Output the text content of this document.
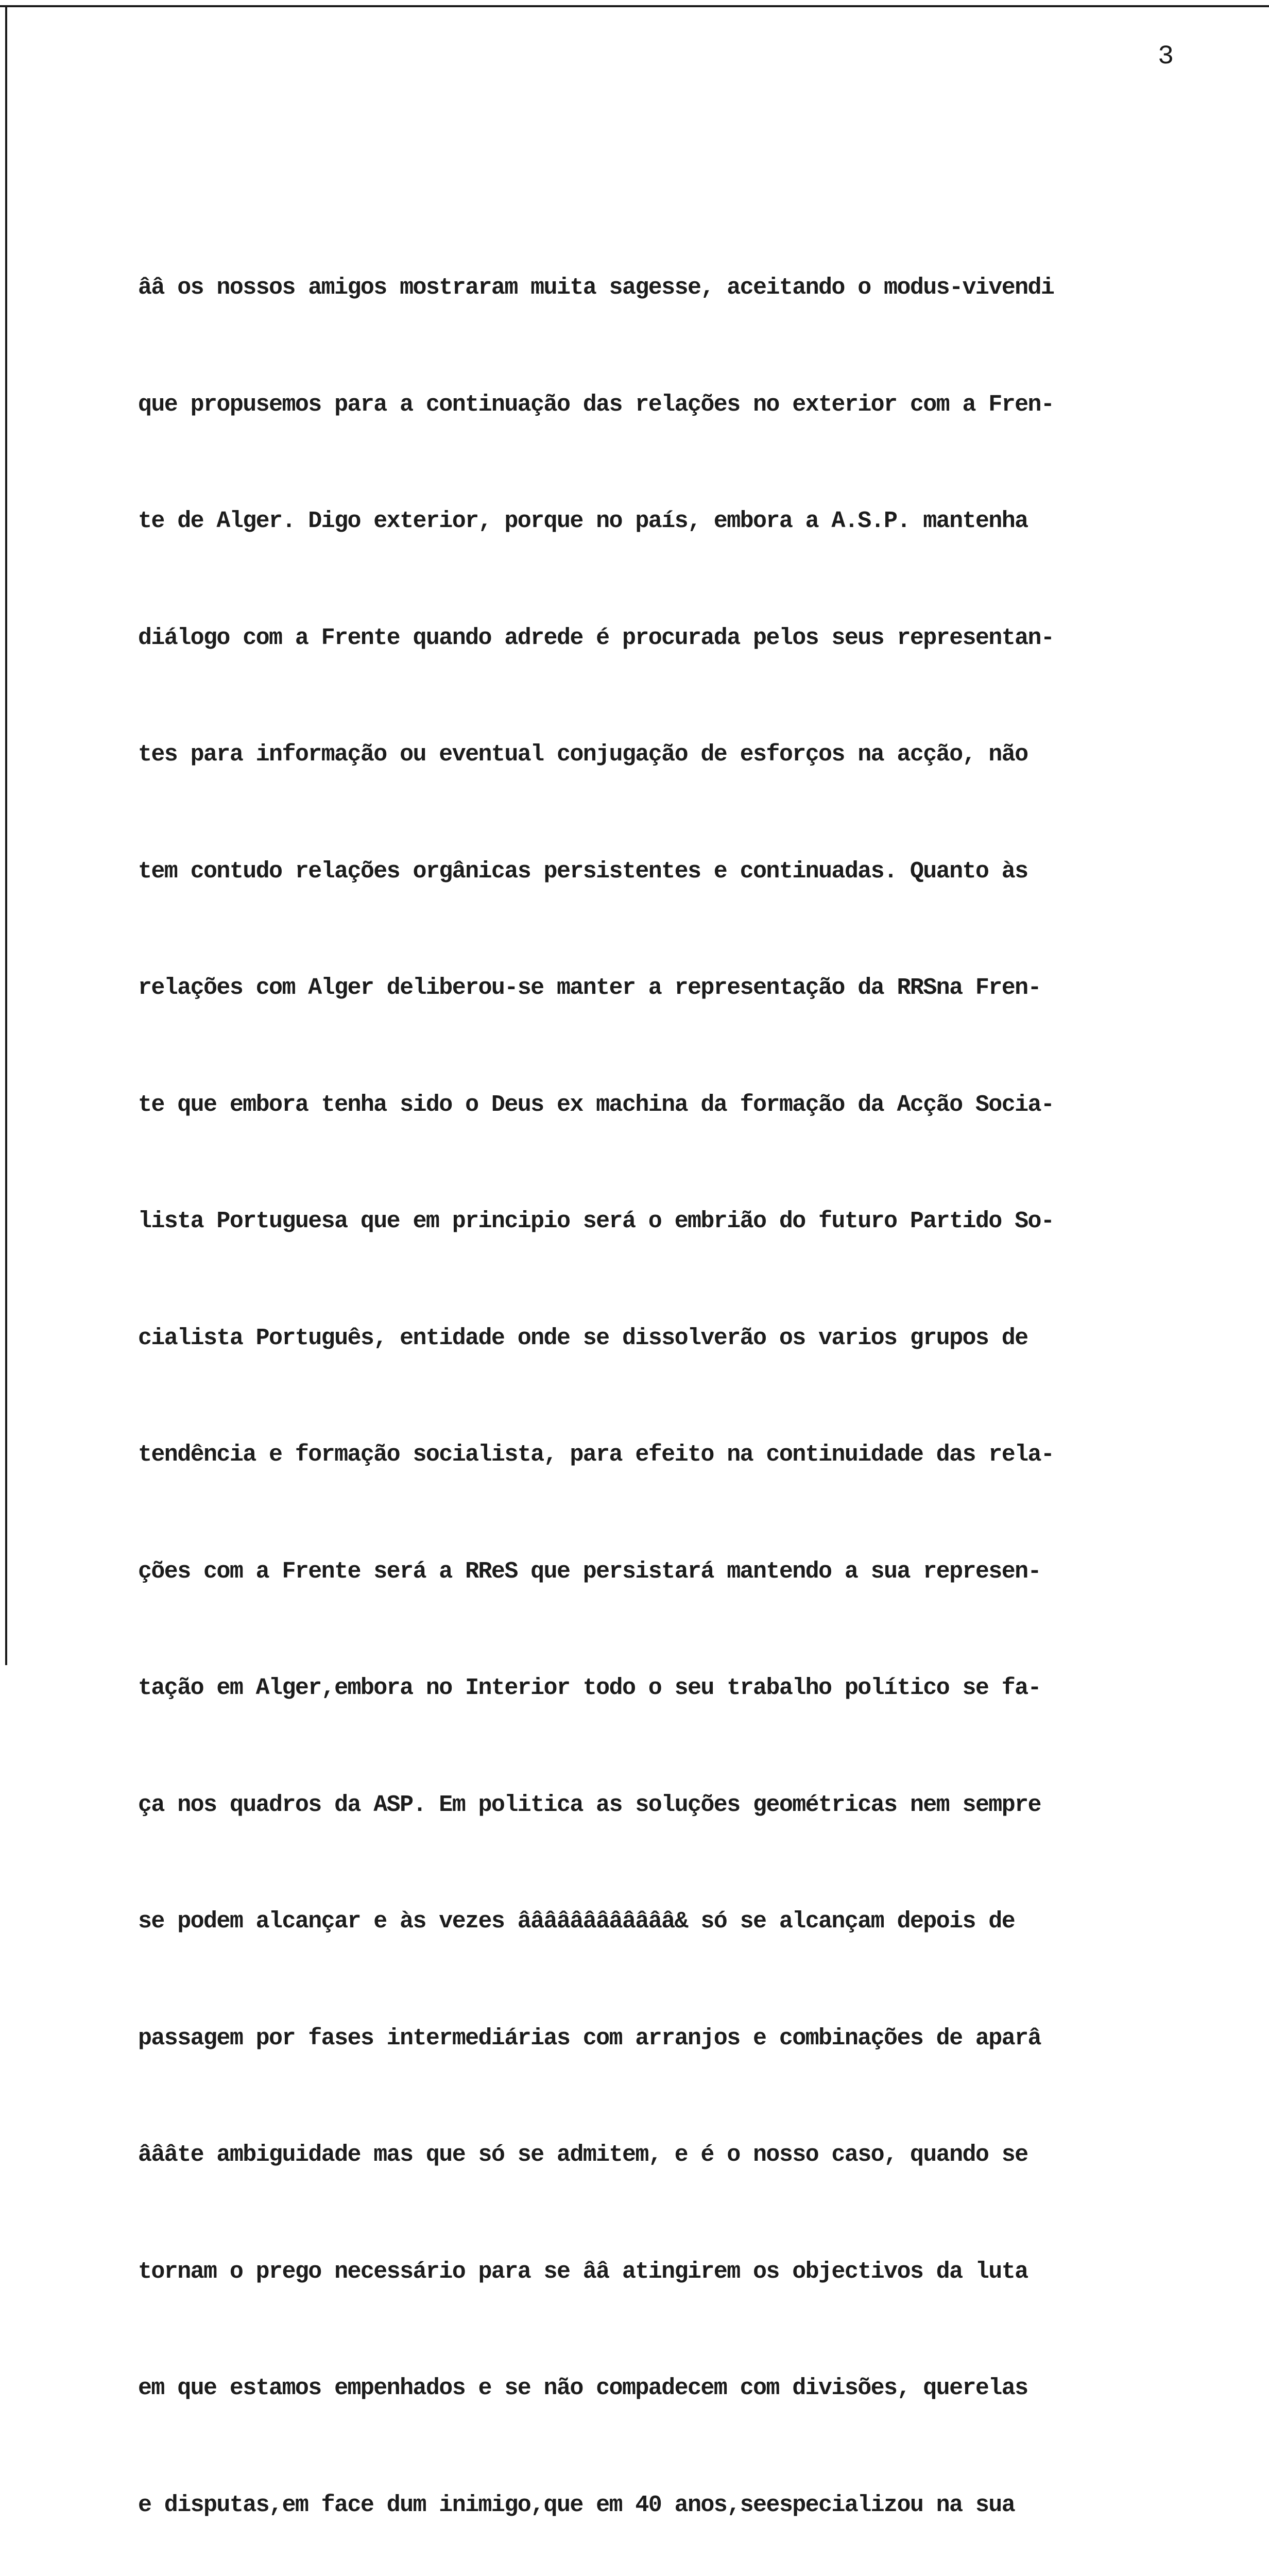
3

ââ os nossos amigos mostraram muita sagesse, aceitando o modus-vivendi

que propusemos para a continuação das relações no exterior com a Fren-

te de Alger. Digo exterior, porque no país, embora a A.S.P. mantenha

diálogo com a Frente quando adrede é procurada pelos seus representan-

tes para informação ou eventual conjugação de esforços na acção, não

tem contudo relações orgânicas persistentes e continuadas. Quanto às

relações com Alger deliberou-se manter a representação da RRSna Fren-

te que embora tenha sido o Deus ex machina da formação da Acção Socia-

lista Portuguesa que em principio será o embrião do futuro Partido So-

cialista Português, entidade onde se dissolverão os varios grupos de

tendência e formação socialista, para efeito na continuidade das rela-

ções com a Frente será a RReS que persistará mantendo a sua represen-

tação em Alger,embora no Interior todo o seu trabalho político se fa-

ça nos quadros da ASP. Em politica as soluções geométricas nem sempre

se podem alcançar e às vezes ââââââââââââ& só se alcançam depois de

passagem por fases intermediárias com arranjos e combinações de aparâ

âââte ambiguidade mas que só se admitem, e é o nosso caso, quando se

tornam o prego necessário para se ââ atingirem os objectivos da luta

em que estamos empenhados e se não compadecem com divisões, querelas

e disputas,em face dum inimigo,que em 40 anos,seespecializou na sua
